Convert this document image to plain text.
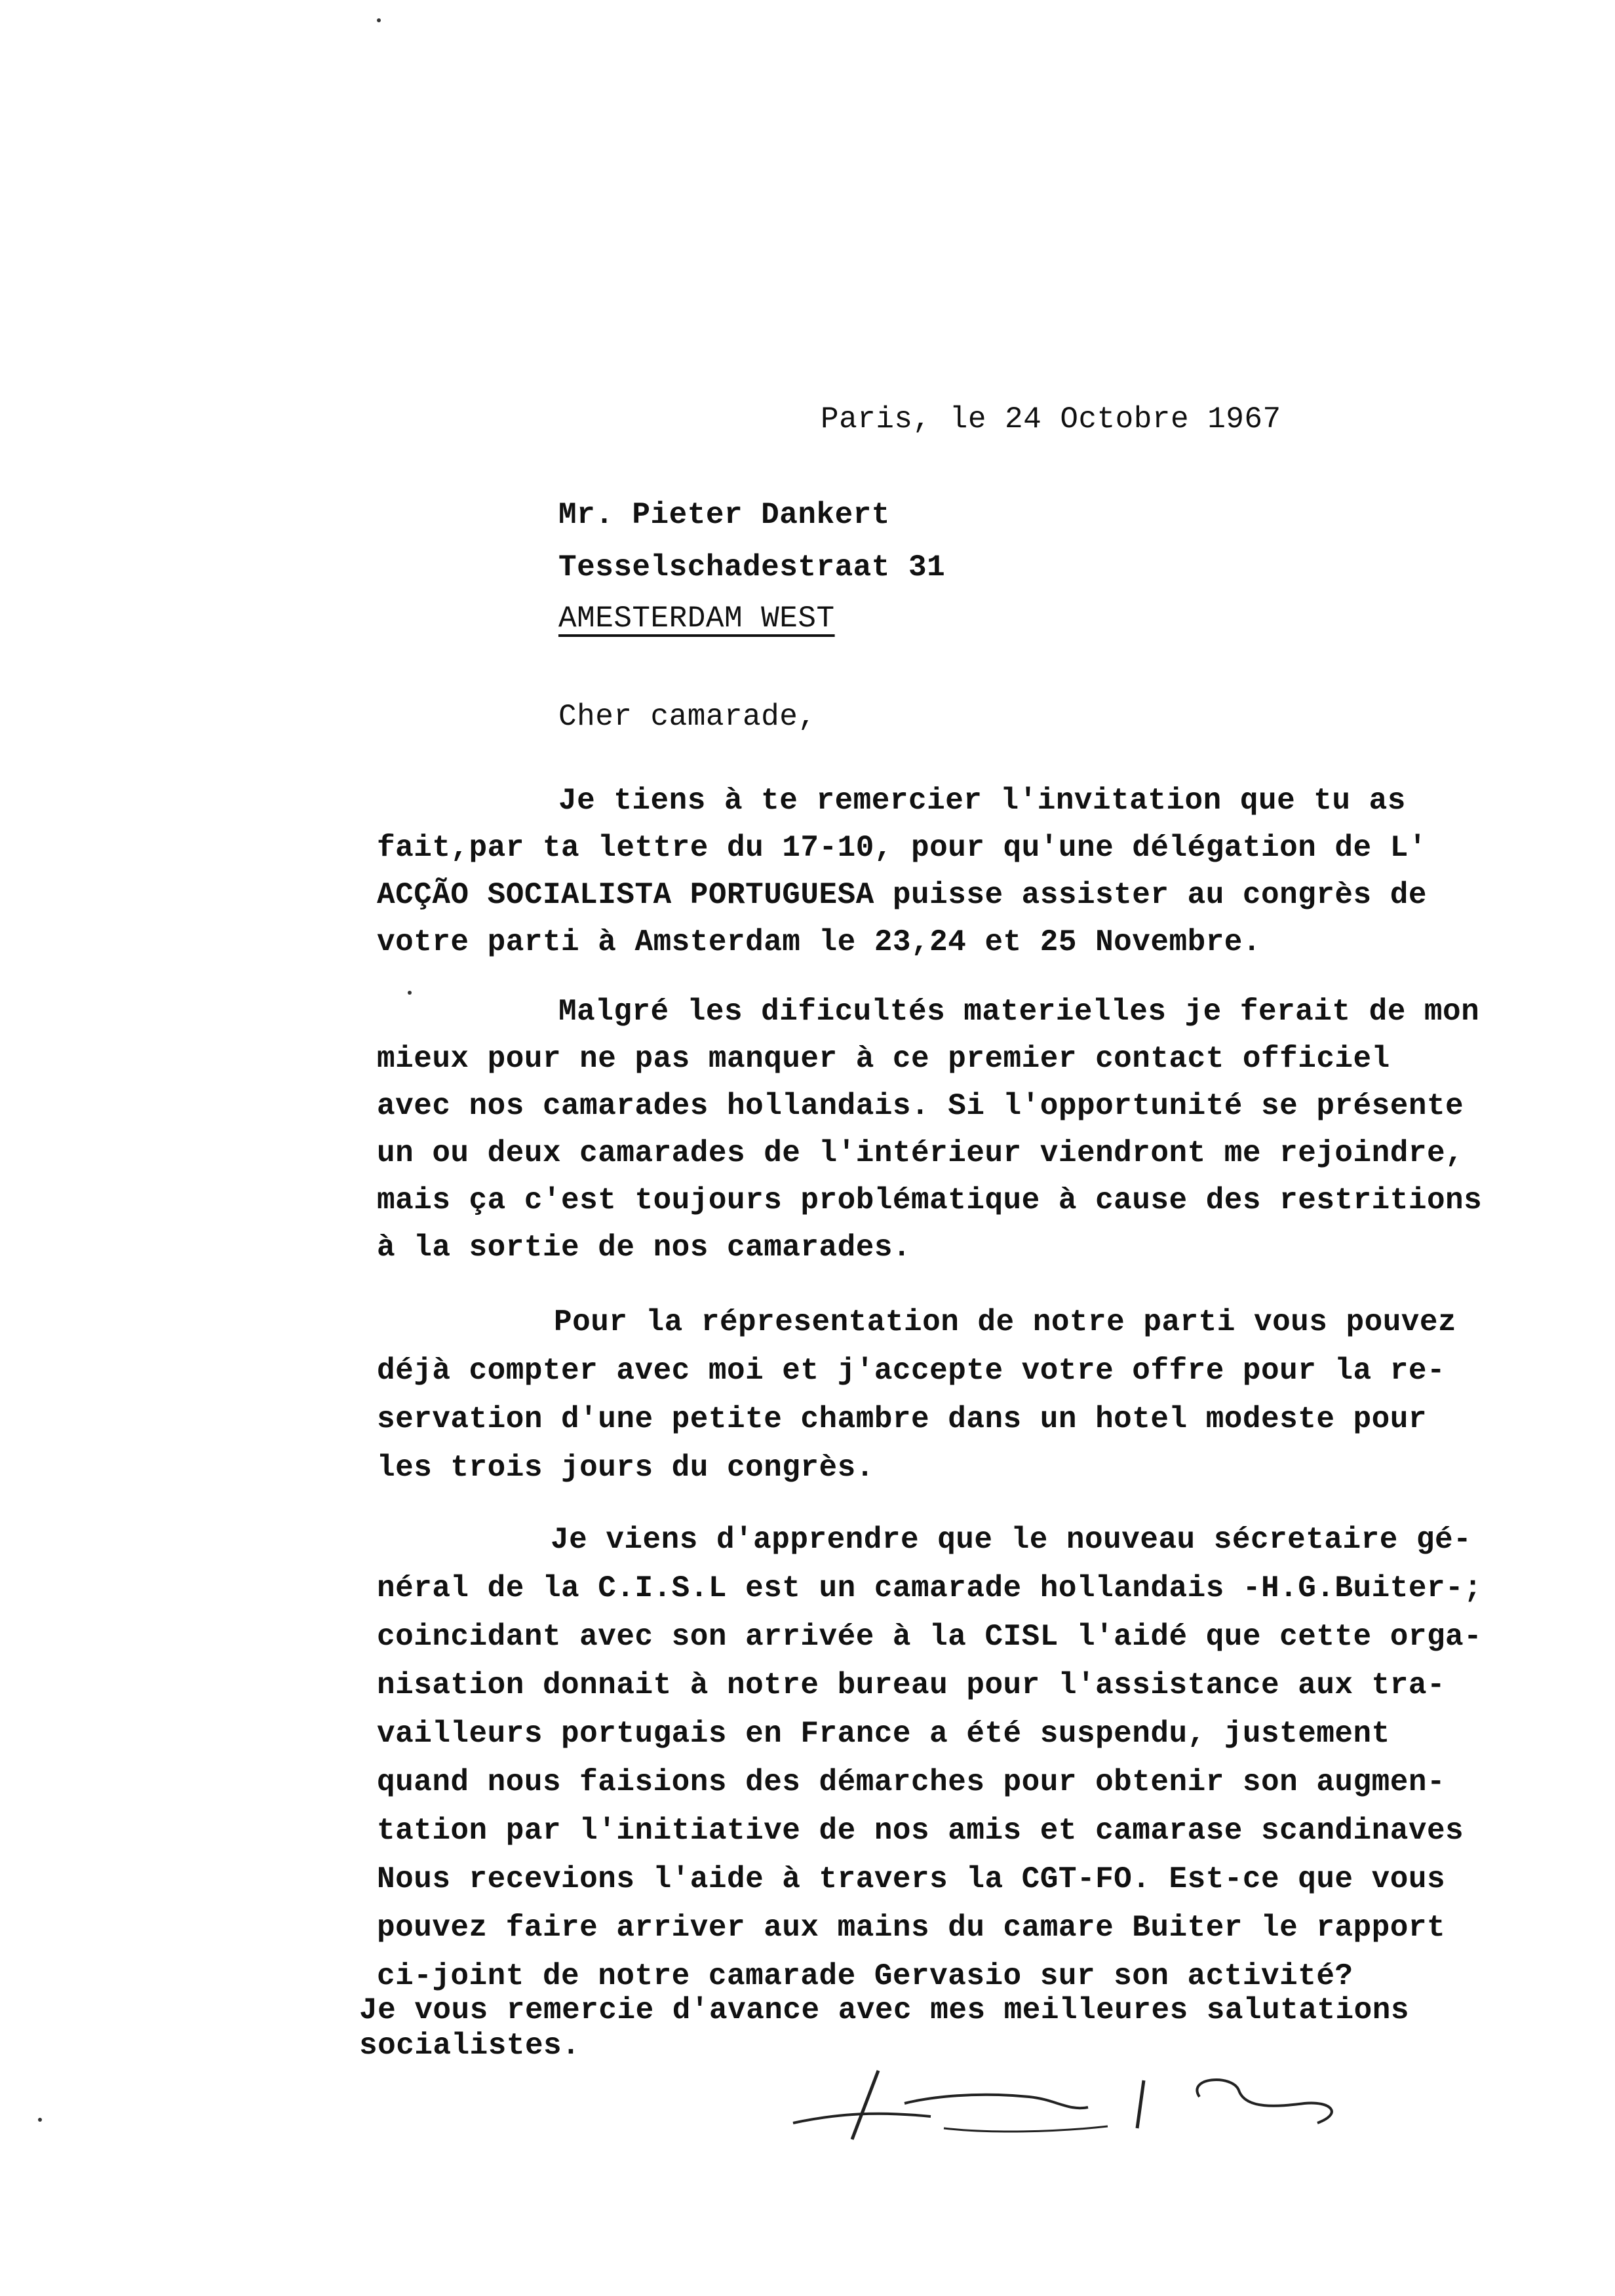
Paris, le 24 Octobre 1967
Mr. Pieter Dankert
Tesselschadestraat 31
AMESTERDAM WEST
Cher camarade,
Je tiens à te remercier l'invitation que tu as
fait,par ta lettre du 17-10, pour qu'une délégation de L'
ACÇÃO SOCIALISTA PORTUGUESA puisse assister au congrès de
votre parti à Amsterdam le 23,24 et 25 Novembre.
Malgré les dificultés materielles je ferait de mon
mieux pour ne pas manquer à ce premier contact officiel
avec nos camarades hollandais. Si l'opportunité se présente
un ou deux camarades de l'intérieur viendront me rejoindre,
mais ça c'est toujours problématique à cause des restritions
à la sortie de nos camarades.
Pour la répresentation de notre parti vous pouvez
déjà compter avec moi et j'accepte votre offre pour la re-
servation d'une petite chambre dans un hotel modeste pour
les trois jours du congrès.
Je viens d'apprendre que le nouveau sécretaire gé-
néral de la C.I.S.L est un camarade hollandais -H.G.Buiter-;
coincidant avec son arrivée à la CISL l'aidé que cette orga-
nisation donnait à notre bureau pour l'assistance aux tra-
vailleurs portugais en France a été suspendu, justement
quand nous faisions des démarches pour obtenir son augmen-
tation par l'initiative de nos amis et camarase scandinaves
Nous recevions l'aide à travers la CGT-FO. Est-ce que vous
pouvez faire arriver aux mains du camare Buiter le rapport
ci-joint de notre camarade Gervasio sur son activité?
Je vous remercie d'avance avec mes meilleures salutations
socialistes.
